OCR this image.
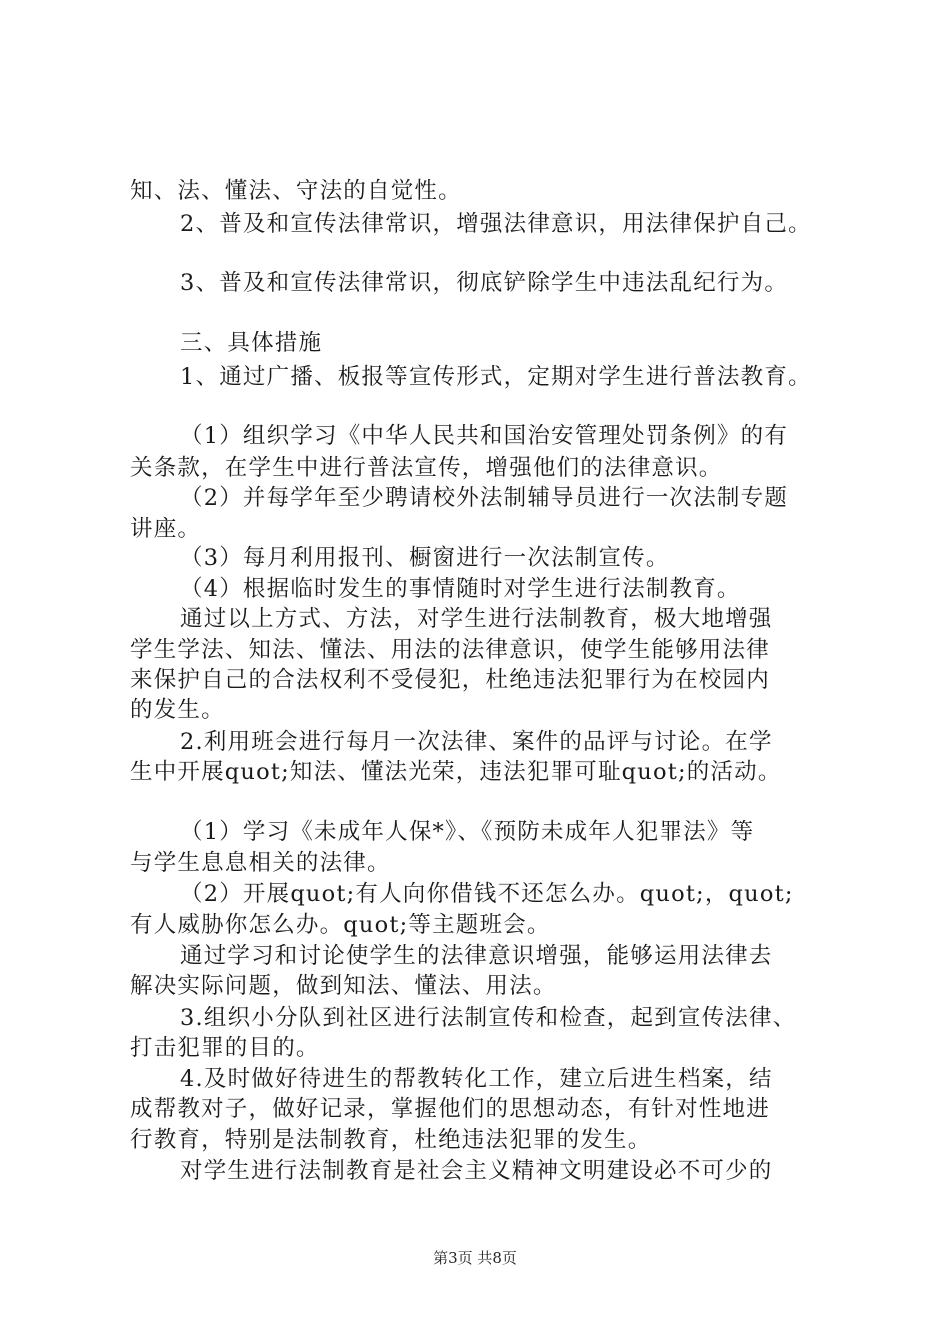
知、法、懂法、守法的自觉性。
2、普及和宣传法律常识，增强法律意识，用法律保护自己。
3、普及和宣传法律常识，彻底铲除学生中违法乱纪行为。
三、具体措施
1、通过广播、板报等宣传形式，定期对学生进行普法教育。
（1）组织学习《中华人民共和国治安管理处罚条例》的有
关条款，在学生中进行普法宣传，增强他们的法律意识。
（2）并每学年至少聘请校外法制辅导员进行一次法制专题
讲座。
（3）每月利用报刊、橱窗进行一次法制宣传。
（4）根据临时发生的事情随时对学生进行法制教育。
通过以上方式、方法，对学生进行法制教育，极大地增强
学生学法、知法、懂法、用法的法律意识，使学生能够用法律
来保护自己的合法权利不受侵犯，杜绝违法犯罪行为在校园内
的发生。
2.利用班会进行每月一次法律、案件的品评与讨论。在学
生中开展quot;知法、懂法光荣，违法犯罪可耻quot;的活动。
（1）学习《未成年人保*》、《预防未成年人犯罪法》等
与学生息息相关的法律。
（2）开展quot;有人向你借钱不还怎么办。quot;，quot;
有人威胁你怎么办。quot;等主题班会。
通过学习和讨论使学生的法律意识增强，能够运用法律去
解决实际问题，做到知法、懂法、用法。
3.组织小分队到社区进行法制宣传和检查，起到宣传法律、
打击犯罪的目的。
4.及时做好待进生的帮教转化工作，建立后进生档案，结
成帮教对子，做好记录，掌握他们的思想动态，有针对性地进
行教育，特别是法制教育，杜绝违法犯罪的发生。
对学生进行法制教育是社会主义精神文明建设必不可少的
第3页 共8页
